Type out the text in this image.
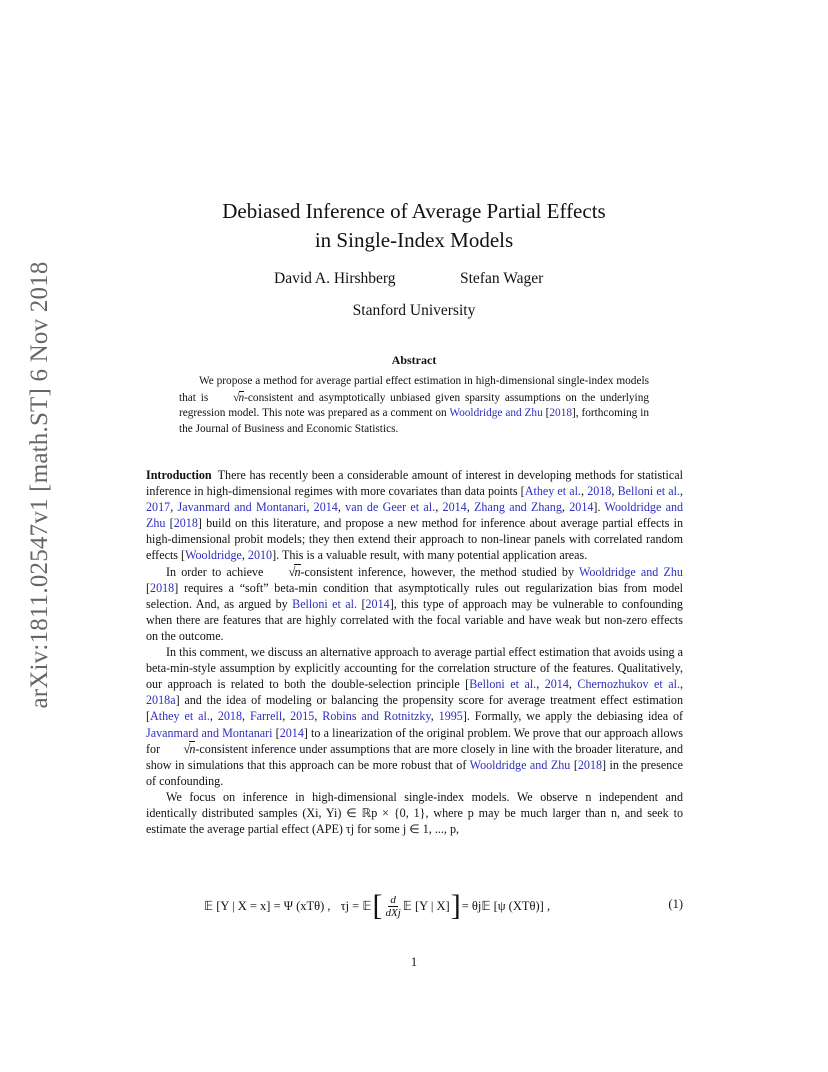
arXiv:1811.02547v1 [math.ST] 6 Nov 2018
Debiased Inference of Average Partial Effects
in Single-Index Models
David A. Hirshberg	Stefan Wager
Stanford University
Abstract

We propose a method for average partial effect estimation in high-dimensional single-index models that is √n-consistent and asymptotically unbiased given sparsity assumptions on the underlying regression model. This note was prepared as a comment on Wooldridge and Zhu [2018], forthcoming in the Journal of Business and Economic Statistics.

Introduction There has recently been a considerable amount of interest in developing methods for statistical inference in high-dimensional regimes with more covariates than data points [Athey et al., 2018, Belloni et al., 2017, Javanmard and Montanari, 2014, van de Geer et al., 2014, Zhang and Zhang, 2014]. Wooldridge and Zhu [2018] build on this literature, and propose a new method for inference about average partial effects in high-dimensional probit models; they then extend their approach to non-linear panels with correlated random effects [Wooldridge, 2010]. This is a valuable result, with many potential application areas.

In order to achieve √n-consistent inference, however, the method studied by Wooldridge and Zhu [2018] requires a “soft” beta-min condition that asymptotically rules out regularization bias from model selection. And, as argued by Belloni et al. [2014], this type of approach may be vulnerable to confounding when there are features that are highly correlated with the focal variable and have weak but non-zero effects on the outcome.

In this comment, we discuss an alternative approach to average partial effect estimation that avoids using a beta-min-style assumption by explicitly accounting for the correlation structure of the features. Qualitatively, our approach is related to both the double-selection principle [Belloni et al., 2014, Chernozhukov et al., 2018a] and the idea of modeling or balancing the propensity score for average treatment effect estimation [Athey et al., 2018, Farrell, 2015, Robins and Rotnitzky, 1995]. Formally, we apply the debiasing idea of Javanmard and Montanari [2014] to a linearization of the original problem. We prove that our approach allows for √n-consistent inference under assumptions that are more closely in line with the broader literature, and show in simulations that this approach can be more robust that of Wooldridge and Zhu [2018] in the presence of confounding.

We focus on inference in high-dimensional single-index models. We observe n independent and identically distributed samples (Xi, Yi) ∈ ℝp × {0, 1}, where p may be much larger than n, and seek to estimate the average partial effect (APE) τj for some j ∈ 1, ..., p,

𝔼 [Y | X = x] = Ψ (xTθ) , τj = 𝔼 [ $\frac{d}{\text{dXj}}$ 𝔼 [Y | X] ] = θj𝔼 [ψ (XTθ)] ,	(1)
1
